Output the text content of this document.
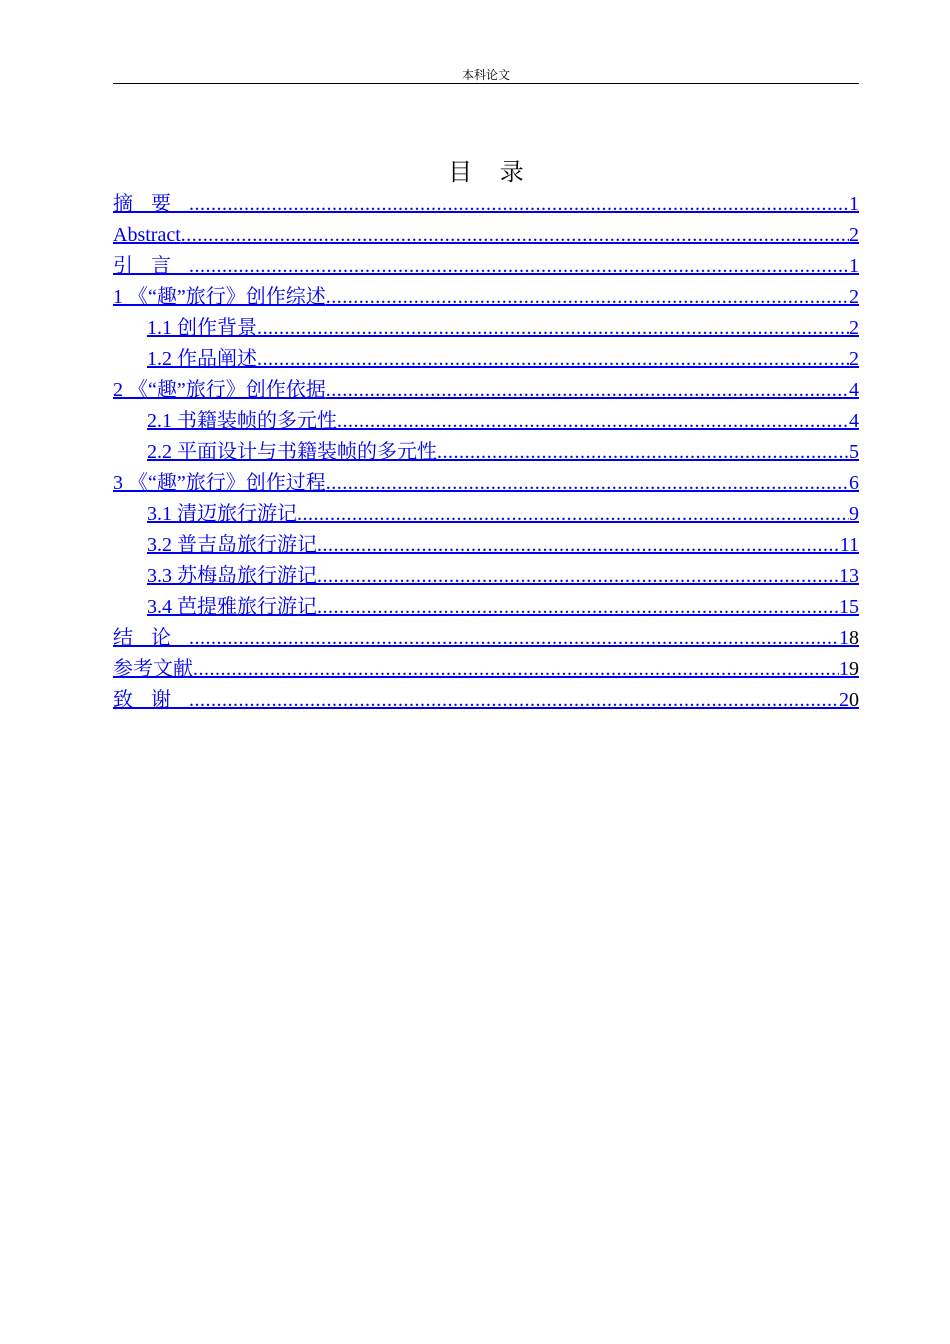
本科论文
目 录
摘要 .....	1
Abstract .....	2
引言 .....	1
1 《“趣”旅行》创作综述 .....	2
1.1 创作背景 .....	2
1.2 作品阐述 .....	2
2 《“趣”旅行》创作依据 .....	4
2.1 书籍装帧的多元性 .....	4
2.2 平面设计与书籍装帧的多元性 .....	5
3 《“趣”旅行》创作过程 .....	6
3.1 清迈旅行游记 .....	9
3.2 普吉岛旅行游记 .....	11
3.3 苏梅岛旅行游记 .....	13
3.4 芭提雅旅行游记 .....	15
结论 .....	18
参考文献 .....	19
致谢 .....	20
